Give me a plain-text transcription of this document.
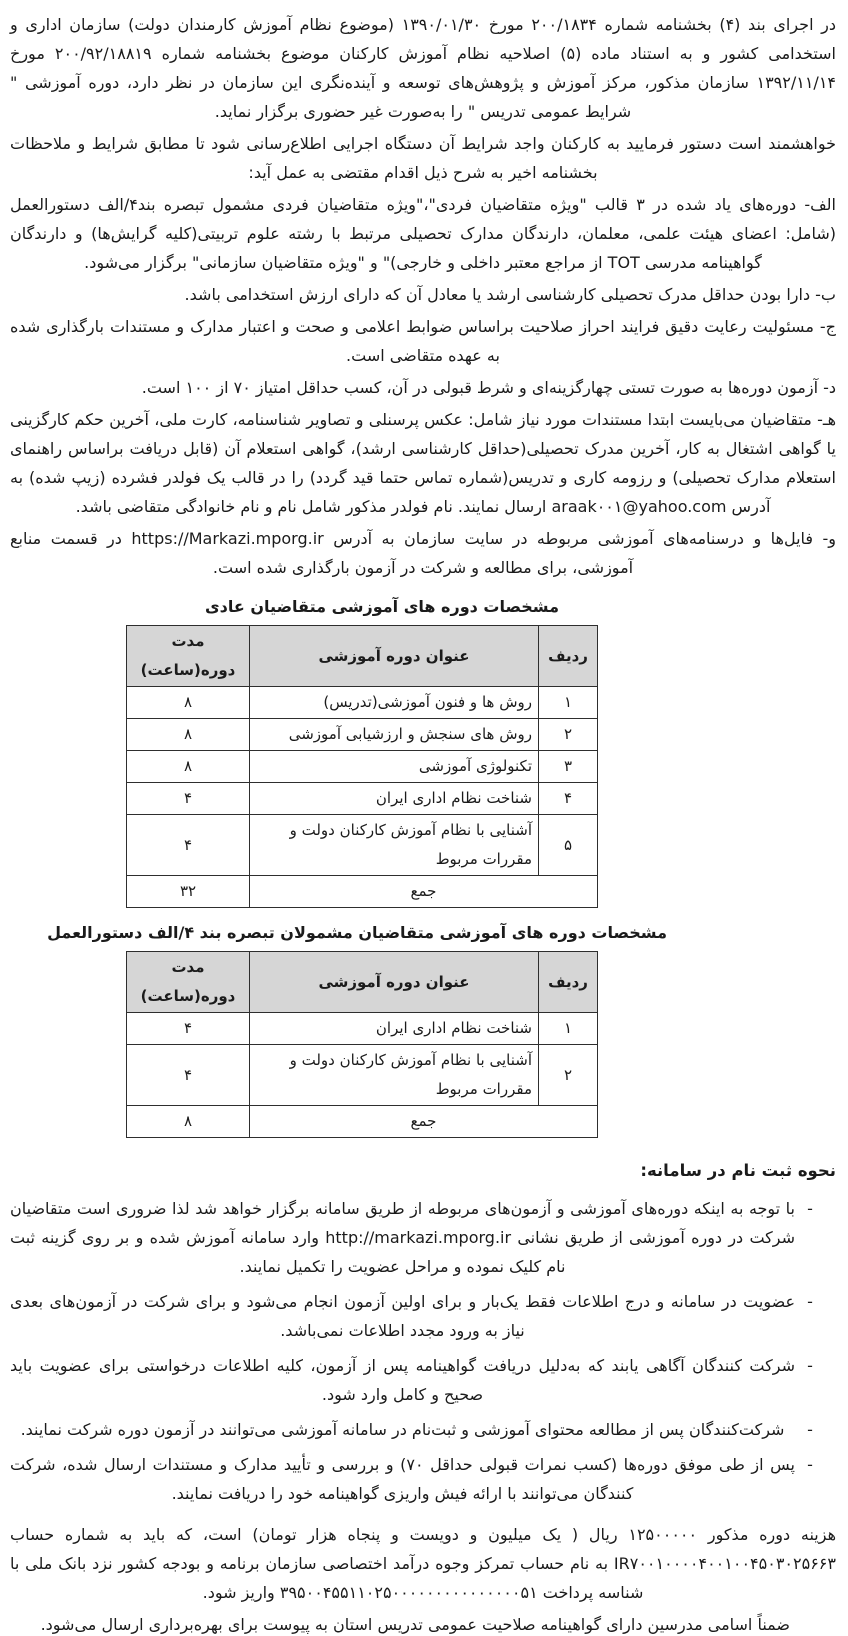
در اجرای بند (۴) بخشنامه شماره ۲۰۰/۱۸۳۴ مورخ ۱۳۹۰/۰۱/۳۰ (موضوع نظام آموزش کارمندان دولت) سازمان اداری و استخدامی کشور و به استناد ماده (۵) اصلاحیه نظام آموزش کارکنان موضوع بخشنامه شماره ۲۰۰/۹۲/۱۸۸۱۹ مورخ ۱۳۹۲/۱۱/۱۴ سازمان مذکور، مرکز آموزش و پژوهش‌های توسعه و آینده‌نگری این سازمان در نظر دارد، دوره آموزشی " شرایط عمومی تدریس " را به‌صورت غیر حضوری برگزار نماید.

خواهشمند است دستور فرمایید به کارکنان واجد شرایط آن دستگاه اجرایی اطلاع‌رسانی شود تا مطابق شرایط و ملاحظات بخشنامه اخیر به شرح ذیل اقدام مقتضی به عمل آید:

الف- دوره‌های یاد شده در ۳ قالب "ویژه متقاضیان فردی"،"ویژه متقاضیان فردی مشمول تبصره بند۴/الف دستورالعمل (شامل: اعضای هیئت علمی، معلمان، دارندگان مدارک تحصیلی مرتبط با رشته علوم تربیتی(کلیه گرایش‌ها) و دارندگان گواهینامه مدرسی TOT از مراجع معتبر داخلی و خارجی)" و "ویژه متقاضیان سازمانی" برگزار می‌شود.

ب- دارا بودن حداقل مدرک تحصیلی کارشناسی ارشد یا معادل آن که دارای ارزش استخدامی باشد.

ج- مسئولیت رعایت دقیق فرایند احراز صلاحیت براساس ضوابط اعلامی و صحت و اعتبار مدارک و مستندات بارگذاری شده به عهده متقاضی است.

د- آزمون دوره‌ها به صورت تستی چهارگزینه‌ای و شرط قبولی در آن، کسب حداقل امتیاز ۷۰ از ۱۰۰ است.

هـ- متقاضیان می‌بایست ابتدا مستندات مورد نیاز شامل: عکس پرسنلی و تصاویر شناسنامه، کارت ملی، آخرین حکم کارگزینی یا گواهی اشتغال به کار، آخرین مدرک تحصیلی(حداقل کارشناسی ارشد)، گواهی استعلام آن (قابل دریافت براساس راهنمای استعلام مدارک تحصیلی) و رزومه کاری و تدریس(شماره تماس حتما قید گردد) را در قالب یک فولدر فشرده (زیپ شده) به آدرس araak۰۰۱@yahoo.com ارسال نمایند. نام فولدر مذکور شامل نام و نام خانوادگی متقاضی باشد.

و- فایل‌ها و درسنامه‌های آموزشی مربوطه در سایت سازمان به آدرس https://Markazi.mporg.ir در قسمت منابع آموزشی، برای مطالعه و شرکت در آزمون بارگذاری شده است.

مشخصات دوره های آموزشی متقاضیان عادی
ردیف	عنوان دوره آموزشی	مدت دوره(ساعت)
۱	روش ها و فنون آموزشی(تدریس)	۸
۲	روش های سنجش و ارزشیابی آموزشی	۸
۳	تکنولوژی آموزشی	۸
۴	شناخت نظام اداری ایران	۴
۵	آشنایی با نظام آموزش کارکنان دولت و مقررات مربوط	۴
جمع		۳۲
مشخصات دوره های آموزشی متقاضیان مشمولان تبصره بند ۴/الف دستورالعمل
ردیف	عنوان دوره آموزشی	مدت دوره(ساعت)
۱	شناخت نظام اداری ایران	۴
۲	آشنایی با نظام آموزش کارکنان دولت و مقررات مربوط	۴
جمع		۸
نحوه ثبت نام در سامانه:
-

با توجه به اینکه دوره‌های آموزشی و آزمون‌های مربوطه از طریق سامانه برگزار خواهد شد لذا ضروری است متقاضیان شرکت در دوره آموزشی از طریق نشانی http://markazi.mporg.ir وارد سامانه آموزش شده و بر روی گزینه ثبت نام کلیک نموده و مراحل عضویت را تکمیل نمایند.

-

عضویت در سامانه و درج اطلاعات فقط یک‌بار و برای اولین آزمون انجام می‌شود و برای شرکت در آزمون‌های بعدی نیاز به ورود مجدد اطلاعات نمی‌باشد.

-

شرکت کنندگان آگاهی یابند که به‌دلیل دریافت گواهینامه پس از آزمون، کلیه اطلاعات درخواستی برای عضویت باید صحیح و کامل وارد شود.

-

شرکت‌کنندگان پس از مطالعه محتوای آموزشی و ثبت‌نام در سامانه آموزشی می‌توانند در آزمون دوره شرکت نمایند.

-

پس از طی موفق دوره‌ها (کسب نمرات قبولی حداقل ۷۰) و بررسی و تأیید مدارک و مستندات ارسال شده، شرکت کنندگان می‌توانند با ارائه فیش واریزی گواهینامه خود را دریافت نمایند.

هزینه دوره مذکور ۱۲۵۰۰۰۰۰ ریال ( یک میلیون و دویست و پنجاه هزار تومان) است، که باید به شماره حساب IR۷۰۰۱۰۰۰۰۴۰۰۱۰۰۴۵۰۳۰۲۵۶۶۳ به نام حساب تمرکز وجوه درآمد اختصاصی سازمان برنامه و بودجه کشور نزد بانک ملی با شناسه پرداخت ۳۹۵۰۰۴۵۵۱۱۰۲۵۰۰۰۰۰۰۰۰۰۰۰۰۰۰۰۵۱ واریز شود.

ضمناً اسامی مدرسین دارای گواهینامه صلاحیت عمومی تدریس استان به پیوست برای بهره‌برداری ارسال می‌شود.
